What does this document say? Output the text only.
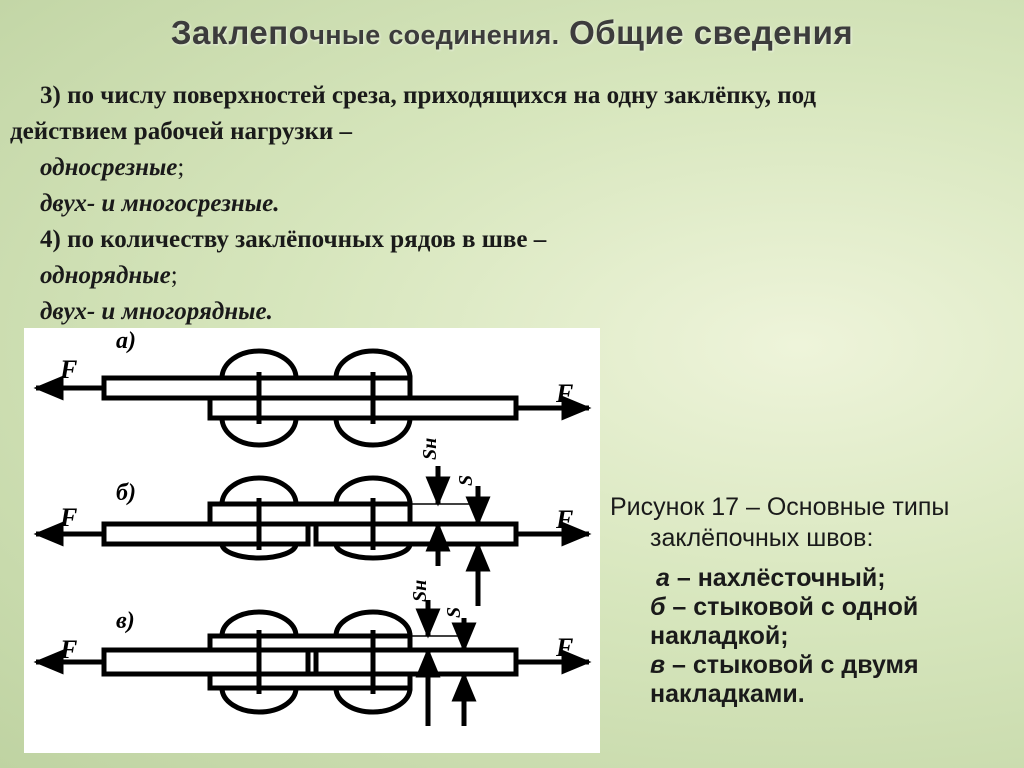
Заклепочные соединения. Общие сведения
3) по числу поверхностей среза, приходящихся на одну заклёпку, под
действием рабочей нагрузки –
односрезные;
двух- и многосрезные.
4) по количеству заклёпочных рядов в шве –
однорядные;
двух- и многорядные.
а)
F
F
б)
F	F
Sн
S
в)
F	F
Sн
S
Рисунок 17 – Основные типы
заклёпочных швов:
а – нахлёсточный;
б – стыковой с одной
накладкой;
в – стыковой с двумя
накладками.
